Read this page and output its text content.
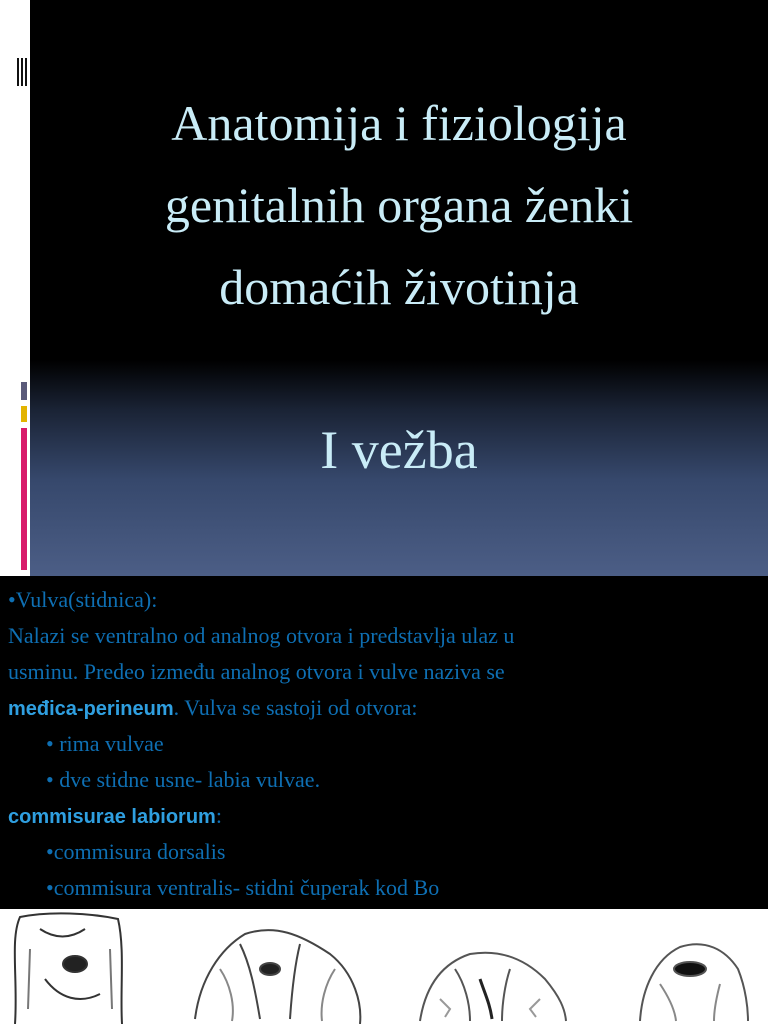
Anatomija i fiziologija
genitalnih organa ženki
domaćih životinja
I vežba
•Vulva(stidnica):
Nalazi se ventralno od analnog otvora i predstavlja ulaz u
usminu. Predeo između analnog otvora i vulve naziva se
međica-perineum. Vulva se sastoji od otvora:
• rima vulvae
• dve stidne usne- labia vulvae.
commisurae labiorum:
•commisura dorsalis
•commisura ventralis- stidni čuperak kod Bo
